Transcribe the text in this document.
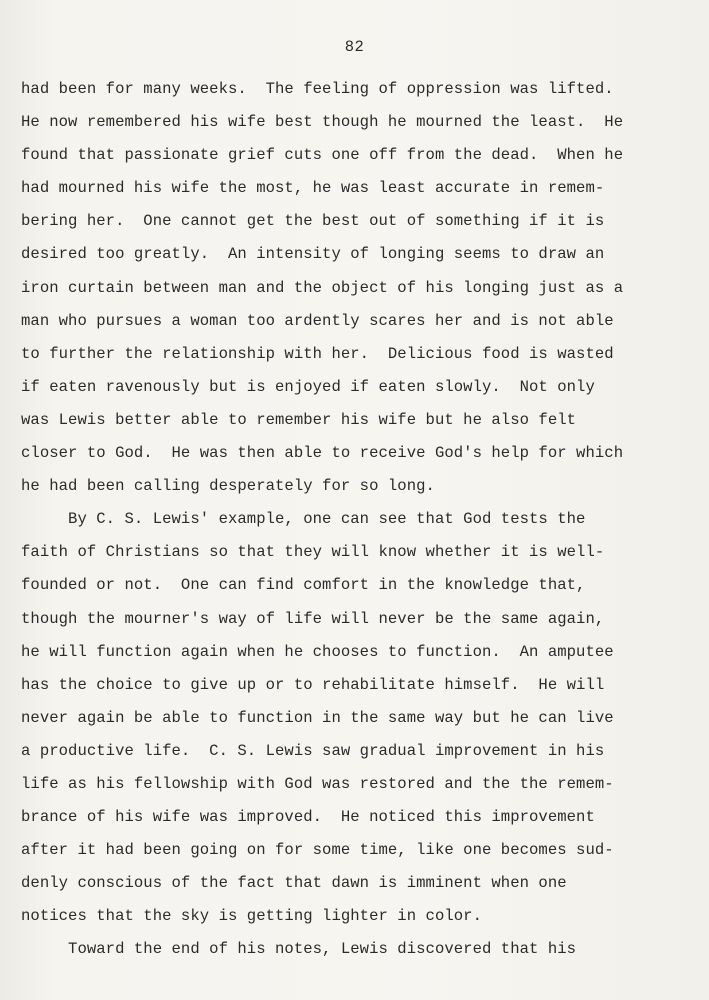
82
had been for many weeks.  The feeling of oppression was lifted.
He now remembered his wife best though he mourned the least.  He
found that passionate grief cuts one off from the dead.  When he
had mourned his wife the most, he was least accurate in remem-
bering her.  One cannot get the best out of something if it is
desired too greatly.  An intensity of longing seems to draw an
iron curtain between man and the object of his longing just as a
man who pursues a woman too ardently scares her and is not able
to further the relationship with her.  Delicious food is wasted
if eaten ravenously but is enjoyed if eaten slowly.  Not only
was Lewis better able to remember his wife but he also felt
closer to God.  He was then able to receive God's help for which
he had been calling desperately for so long.
By C. S. Lewis' example, one can see that God tests the
faith of Christians so that they will know whether it is well-
founded or not.  One can find comfort in the knowledge that,
though the mourner's way of life will never be the same again,
he will function again when he chooses to function.  An amputee
has the choice to give up or to rehabilitate himself.  He will
never again be able to function in the same way but he can live
a productive life.  C. S. Lewis saw gradual improvement in his
life as his fellowship with God was restored and the the remem-
brance of his wife was improved.  He noticed this improvement
after it had been going on for some time, like one becomes sud-
denly conscious of the fact that dawn is imminent when one
notices that the sky is getting lighter in color.
Toward the end of his notes, Lewis discovered that his
